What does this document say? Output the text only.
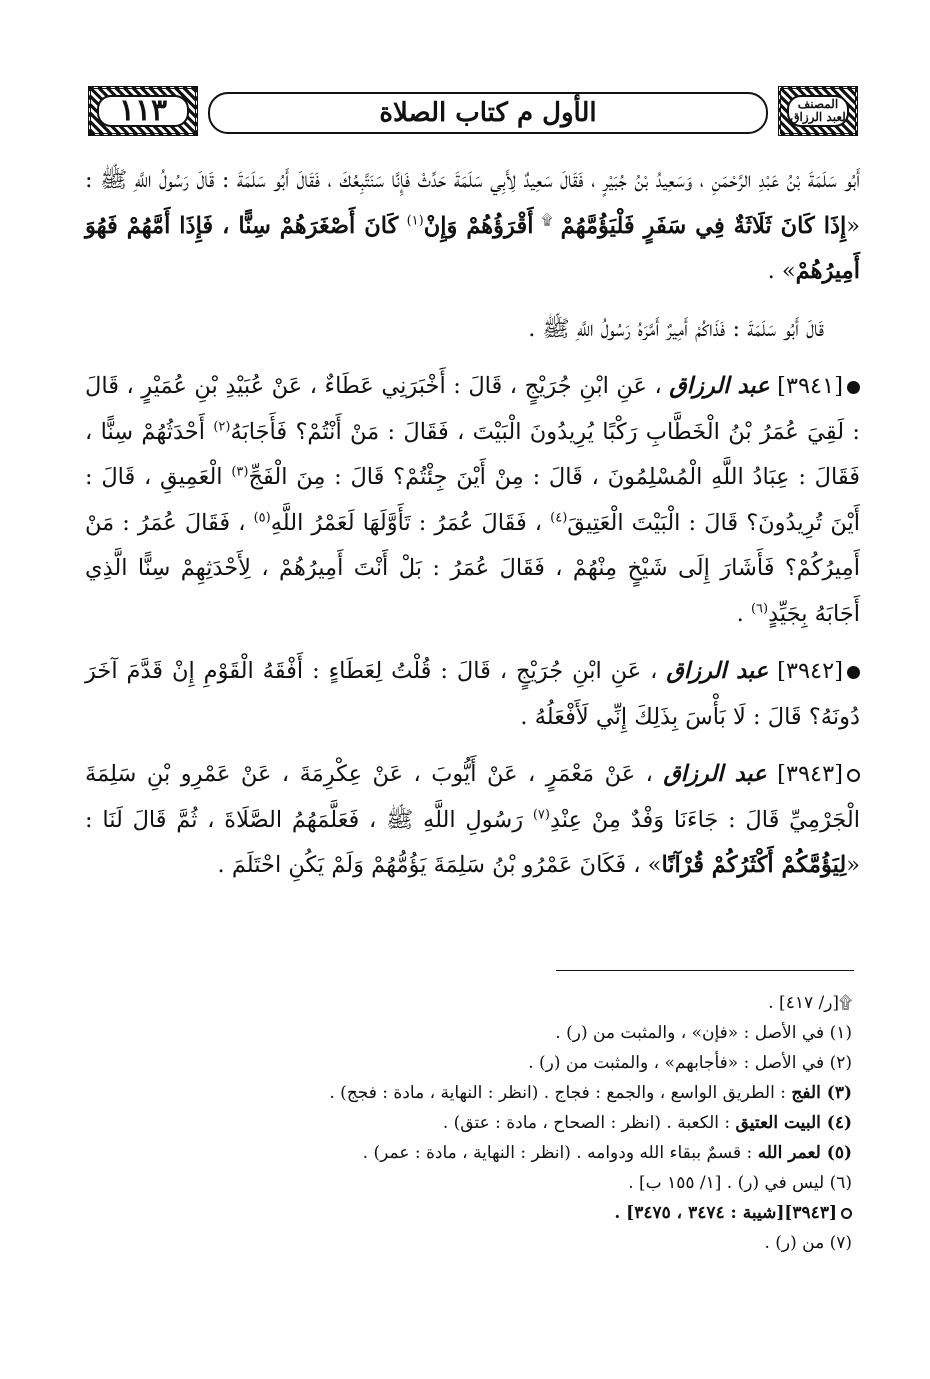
١١٣	الأول م كتاب الصلاة	المصنف
لعبد الرزاق

أَبُو سَلَمَةَ بْنُ عَبْدِ الرَّحْمَنِ ، وَسَعِيدُ بْنُ جُبَيْرٍ ، فَقَالَ سَعِيدٌ لِأَبِي سَلَمَةَ حَدِّثْ فَإِنَّا سَنَتَّبِعُكَ ، فَقَالَ أَبُو سَلَمَةَ : قَالَ رَسُولُ اللَّهِ ﷺ : «إِذَا كَانَ ثَلَاثَةٌ فِي سَفَرٍ فَلْيَؤُمَّهُمْ ۩ أَقْرَؤُهُمْ وَإِنْ$^{(١)}$ كَانَ أَصْغَرَهُمْ سِنًّا ، فَإِذَا أَمَّهُمْ فَهُوَ أَمِيرُهُمْ» .

قَالَ أَبُو سَلَمَةَ : فَذَاكُمْ أَمِيرٌ أَمَّرَهُ رَسُولُ اللَّهِ ﷺ .

[٣٩٤١] عبد الرزاق ، عَنِ ابْنِ جُرَيْجٍ ، قَالَ : أَخْبَرَنِي عَطَاءٌ ، عَنْ عُبَيْدِ بْنِ عُمَيْرٍ ، قَالَ : لَقِيَ عُمَرُ بْنُ الْخَطَّابِ رَكْبًا يُرِيدُونَ الْبَيْتَ ، فَقَالَ : مَنْ أَنْتُمْ؟ فَأَجَابَهُ$^{(٢)}$ أَحْدَثُهُمْ سِنًّا ، فَقَالَ : عِبَادُ اللَّهِ الْمُسْلِمُونَ ، قَالَ : مِنْ أَيْنَ جِئْتُمْ؟ قَالَ : مِنَ الْفَجِّ$^{(٣)}$ الْعَمِيقِ ، قَالَ : أَيْنَ تُرِيدُونَ؟ قَالَ : الْبَيْتَ الْعَتِيقَ$^{(٤)}$ ، فَقَالَ عُمَرُ : تَأَوَّلَهَا لَعَمْرُ اللَّهِ$^{(٥)}$ ، فَقَالَ عُمَرُ : مَنْ أَمِيرُكُمْ؟ فَأَشَارَ إِلَى شَيْخٍ مِنْهُمْ ، فَقَالَ عُمَرُ : بَلْ أَنْتَ أَمِيرُهُمْ ، لِأَحْدَثِهِمْ سِنًّا الَّذِي أَجَابَهُ بِجَيِّدٍ$^{(٦)}$ .

[٣٩٤٢] عبد الرزاق ، عَنِ ابْنِ جُرَيْجٍ ، قَالَ : قُلْتُ لِعَطَاءٍ : أَفْقَهُ الْقَوْمِ إِنْ قَدَّمَ آخَرَ دُونَهُ؟ قَالَ : لَا بَأْسَ بِذَلِكَ إِنِّي لَأَفْعَلُهُ .

[٣٩٤٣] عبد الرزاق ، عَنْ مَعْمَرٍ ، عَنْ أَيُّوبَ ، عَنْ عِكْرِمَةَ ، عَنْ عَمْرِو بْنِ سَلِمَةَ الْجَرْمِيِّ قَالَ : جَاءَنَا وَفْدٌ مِنْ عِنْدِ$^{(٧)}$ رَسُولِ اللَّهِ ﷺ ، فَعَلَّمَهُمُ الصَّلَاةَ ، ثُمَّ قَالَ لَنَا : «لِيَؤُمَّكُمْ أَكْثَرُكُمْ قُرْآنًا» ، فَكَانَ عَمْرُو بْنُ سَلِمَةَ يَؤُمُّهُمْ وَلَمْ يَكُنِ احْتَلَمَ .

۩[ر/ ٤١٧] .

(١) في الأصل : «فإن» ، والمثبت من (ر) .

(٢) في الأصل : «فأجابهم» ، والمثبت من (ر) .

(٣) الفج : الطريق الواسع ، والجمع : فجاج . (انظر : النهاية ، مادة : فجج) .

(٤) البيت العتيق : الكعبة . (انظر : الصحاح ، مادة : عتق) .

(٥) لعمر الله : قسمٌ ببقاء الله ودوامه . (انظر : النهاية ، مادة : عمر) .

(٦) ليس في (ر) . [١/ ١٥٥ ب] .

[٣٩٤٣][شيبة : ٣٤٧٤ ، ٣٤٧٥] .

(٧) من (ر) .
